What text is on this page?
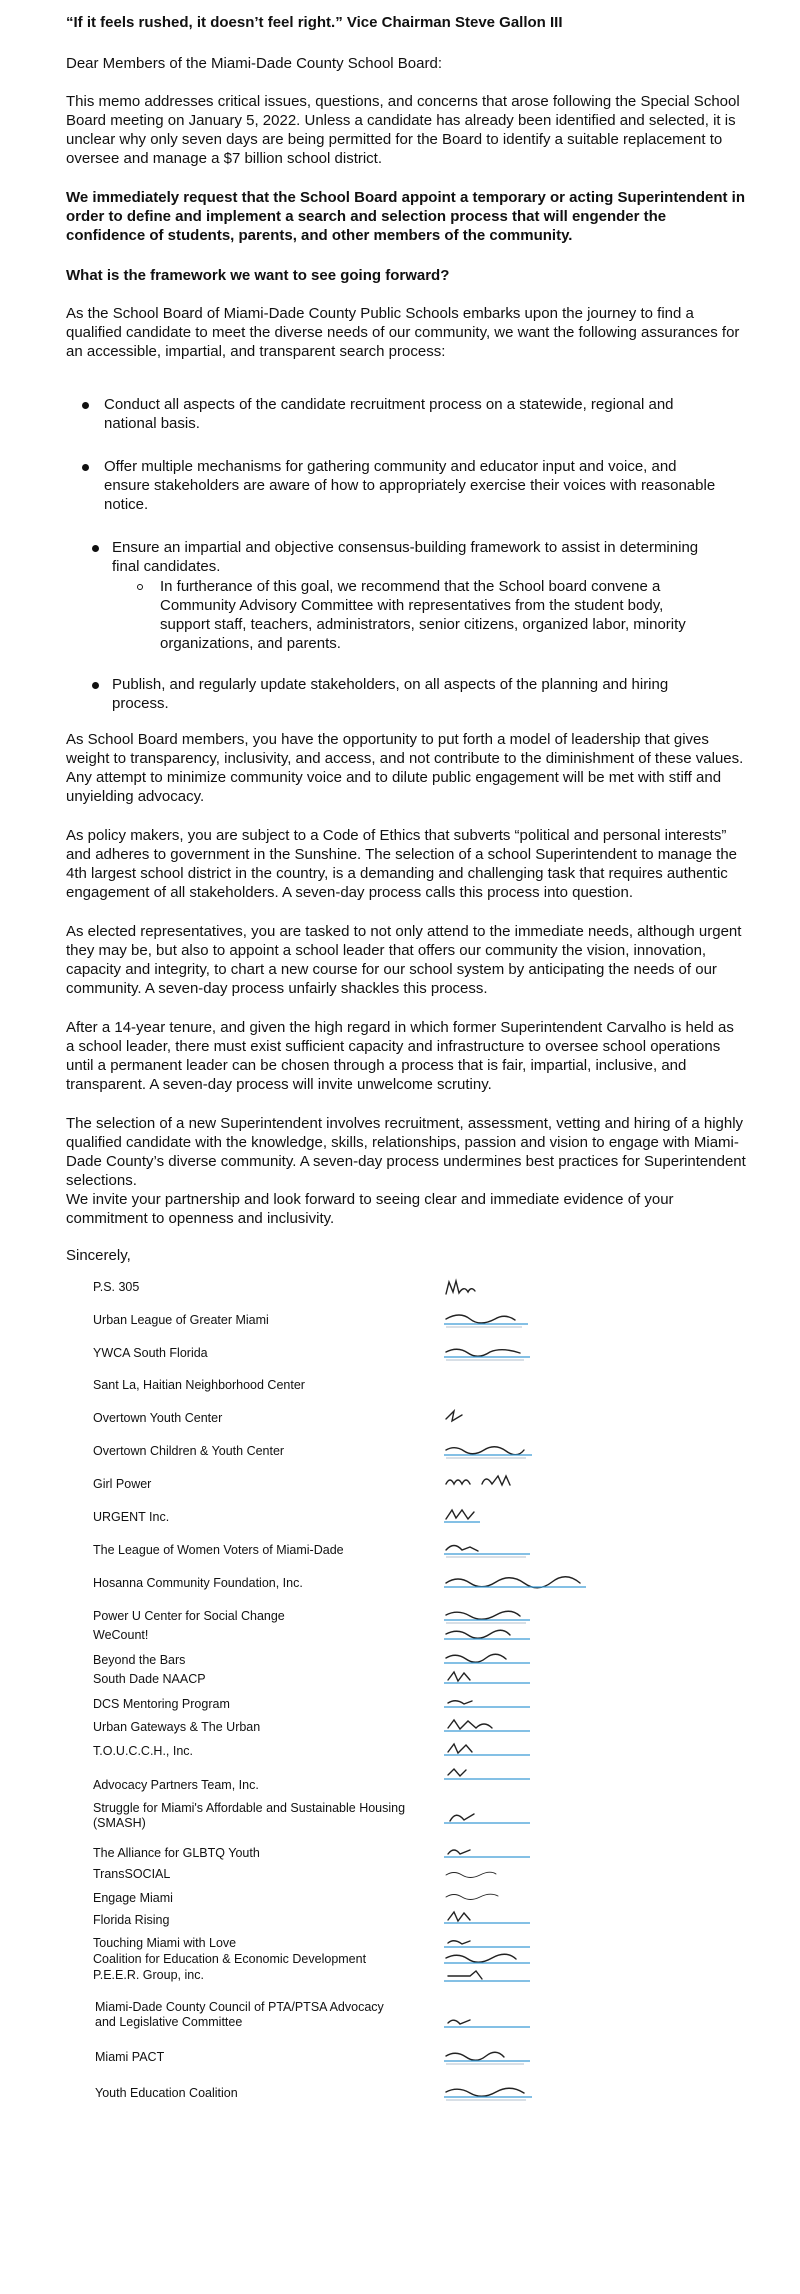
“If it feels rushed, it doesn’t feel right.” Vice Chairman Steve Gallon III

Dear Members of the Miami-Dade County School Board:

This memo addresses critical issues, questions, and concerns that arose following the Special School Board meeting on January 5, 2022. Unless a candidate has already been identified and selected, it is unclear why only seven days are being permitted for the Board to identify a suitable replacement to oversee and manage a $7 billion school district.

We immediately request that the School Board appoint a temporary or acting Superintendent in order to define and implement a search and selection process that will engender the confidence of students, parents, and other members of the community.

What is the framework we want to see going forward?

As the School Board of Miami-Dade County Public Schools embarks upon the journey to find a qualified candidate to meet the diverse needs of our community, we want the following assurances for an accessible, impartial, and transparent search process:

Conduct all aspects of the candidate recruitment process on a statewide, regional and national basis.
Offer multiple mechanisms for gathering community and educator input and voice, and ensure stakeholders are aware of how to appropriately exercise their voices with reasonable notice.
Ensure an impartial and objective consensus-building framework to assist in determining final candidates.
In furtherance of this goal, we recommend that the School board convene a Community Advisory Committee with representatives from the student body, support staff, teachers, administrators, senior citizens, organized labor, minority organizations, and parents.
Publish, and regularly update stakeholders, on all aspects of the planning and hiring process.

As School Board members, you have the opportunity to put forth a model of leadership that gives weight to transparency, inclusivity, and access, and not contribute to the diminishment of these values. Any attempt to minimize community voice and to dilute public engagement will be met with stiff and unyielding advocacy.

As policy makers, you are subject to a Code of Ethics that subverts “political and personal interests” and adheres to government in the Sunshine. The selection of a school Superintendent to manage the 4th largest school district in the country, is a demanding and challenging task that requires authentic engagement of all stakeholders. A seven-day process calls this process into question.

As elected representatives, you are tasked to not only attend to the immediate needs, although urgent they may be, but also to appoint a school leader that offers our community the vision, innovation, capacity and integrity, to chart a new course for our school system by anticipating the needs of our community. A seven-day process unfairly shackles this process.

After a 14-year tenure, and given the high regard in which former Superintendent Carvalho is held as a school leader, there must exist sufficient capacity and infrastructure to oversee school operations until a permanent leader can be chosen through a process that is fair, impartial, inclusive, and transparent. A seven-day process will invite unwelcome scrutiny.

The selection of a new Superintendent involves recruitment, assessment, vetting and hiring of a highly qualified candidate with the knowledge, skills, relationships, passion and vision to engage with Miami-Dade County’s diverse community. A seven-day process undermines best practices for Superintendent selections.

We invite your partnership and look forward to seeing clear and immediate evidence of your commitment to openness and inclusivity.

Sincerely,

P.S. 305
Urban League of Greater Miami
YWCA South Florida
Sant La, Haitian Neighborhood Center
Overtown Youth Center
Overtown Children & Youth Center
Girl Power
URGENT Inc.
The League of Women Voters of Miami-Dade
Hosanna Community Foundation, Inc.
Power U Center for Social Change
WeCount!
Beyond the Bars
South Dade NAACP
DCS Mentoring Program
Urban Gateways & The Urban
T.O.U.C.C.H., Inc.
Advocacy Partners Team, Inc.
Struggle for Miami's Affordable and Sustainable Housing (SMASH)
The Alliance for GLBTQ Youth
TransSOCIAL
Engage Miami
Florida Rising
Touching Miami with Love
Coalition for Education & Economic Development
P.E.E.R. Group, inc.
Miami-Dade County Council of PTA/PTSA Advocacy and Legislative Committee
Miami PACT
Youth Education Coalition
